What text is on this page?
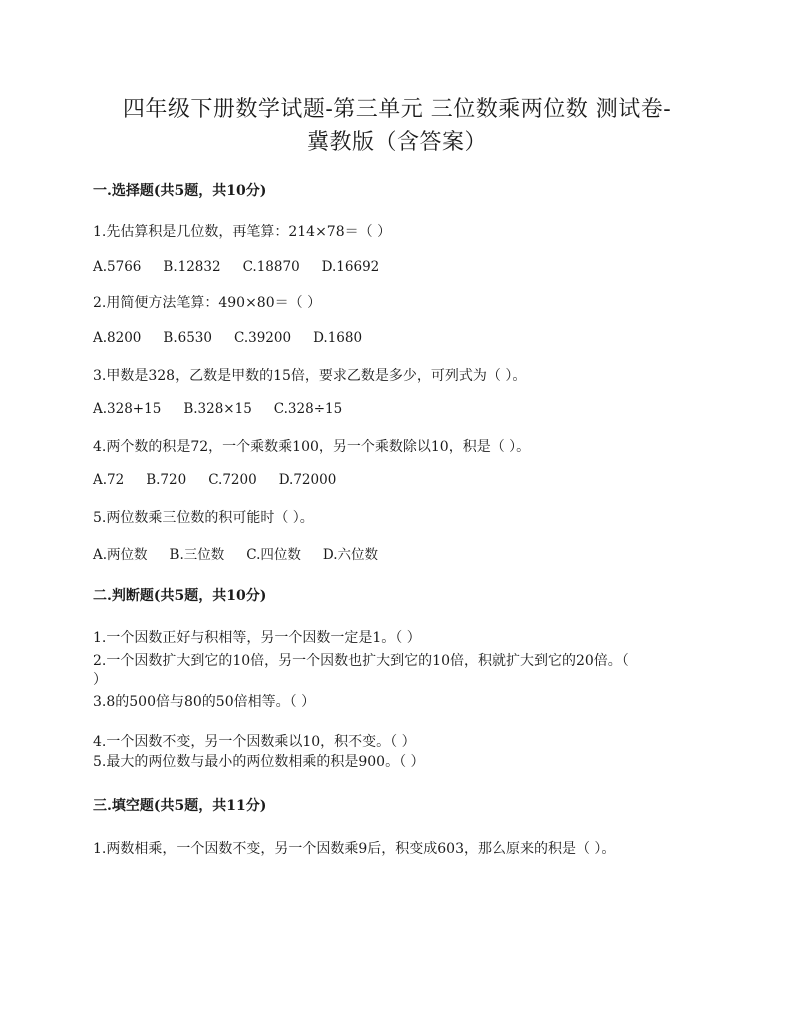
四年级下册数学试题-第三单元 三位数乘两位数 测试卷-
冀教版（含答案）
一.选择题(共5题，共10分)
1.先估算积是几位数，再笔算：214×78＝（ ）
A.5766 B.12832 C.18870 D.16692
2.用简便方法笔算：490×80＝（ ）
A.8200 B.6530 C.39200 D.1680
3.甲数是328，乙数是甲数的15倍，要求乙数是多少，可列式为（ ）。
A.328+15 B.328×15 C.328÷15
4.两个数的积是72，一个乘数乘100，另一个乘数除以10，积是（ ）。
A.72 B.720 C.7200 D.72000
5.两位数乘三位数的积可能时（ ）。
A.两位数 B.三位数 C.四位数 D.六位数
二.判断题(共5题，共10分)
1.一个因数正好与积相等，另一个因数一定是1。（ ）
2.一个因数扩大到它的10倍，另一个因数也扩大到它的10倍，积就扩大到它的20倍。（
）
3.8的500倍与80的50倍相等。（ ）
4.一个因数不变，另一个因数乘以10，积不变。（ ）
5.最大的两位数与最小的两位数相乘的积是900。（ ）
三.填空题(共5题，共11分)
1.两数相乘，一个因数不变，另一个因数乘9后，积变成603，那么原来的积是（ ）。
